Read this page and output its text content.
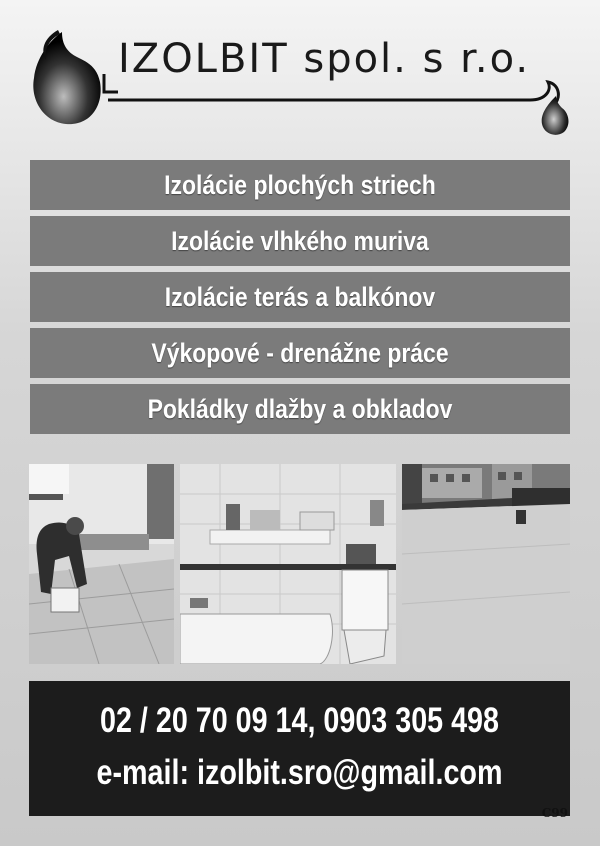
IZOLBIT spol. s r.o.
Izolácie plochých striech
Izolácie vlhkého muriva
Izolácie terás a balkónov
Výkopové - drenážne práce
Pokládky dlažby a obkladov
02 / 20 70 09 14, 0903 305 498
e-mail: izolbit.sro@gmail.com
C99
